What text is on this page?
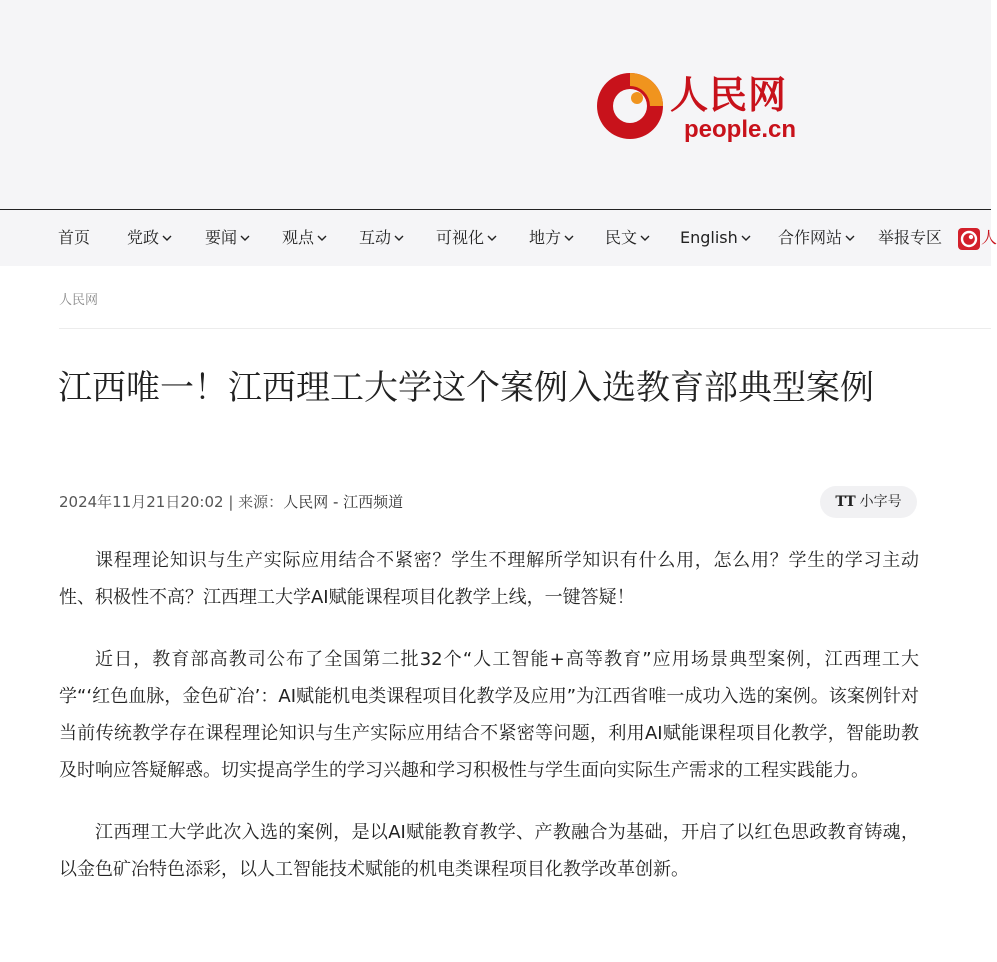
人民网
people.cn
首页 党政	要闻	观点	互动	可视化	地方	民文	English	合作网站	举报专区 人
人民网
江西唯一！江西理工大学这个案例入选教育部典型案例
2024年11月21日20:02 | 来源：人民网 - 江西频道	TT 小字号

课程理论知识与生产实际应用结合不紧密？学生不理解所学知识有什么用，怎么用？学生的学习主动性、积极性不高？江西理工大学AI赋能课程项目化教学上线，一键答疑！

近日，教育部高教司公布了全国第二批32个“人工智能+高等教育”应用场景典型案例，江西理工大学“‘红色血脉，金色矿冶’：AI赋能机电类课程项目化教学及应用”为江西省唯一成功入选的案例。该案例针对当前传统教学存在课程理论知识与生产实际应用结合不紧密等问题，利用AI赋能课程项目化教学，智能助教及时响应答疑解惑。切实提高学生的学习兴趣和学习积极性与学生面向实际生产需求的工程实践能力。

江西理工大学此次入选的案例，是以AI赋能教育教学、产教融合为基础，开启了以红色思政教育铸魂，以金色矿冶特色添彩，以人工智能技术赋能的机电类课程项目化教学改革创新。
